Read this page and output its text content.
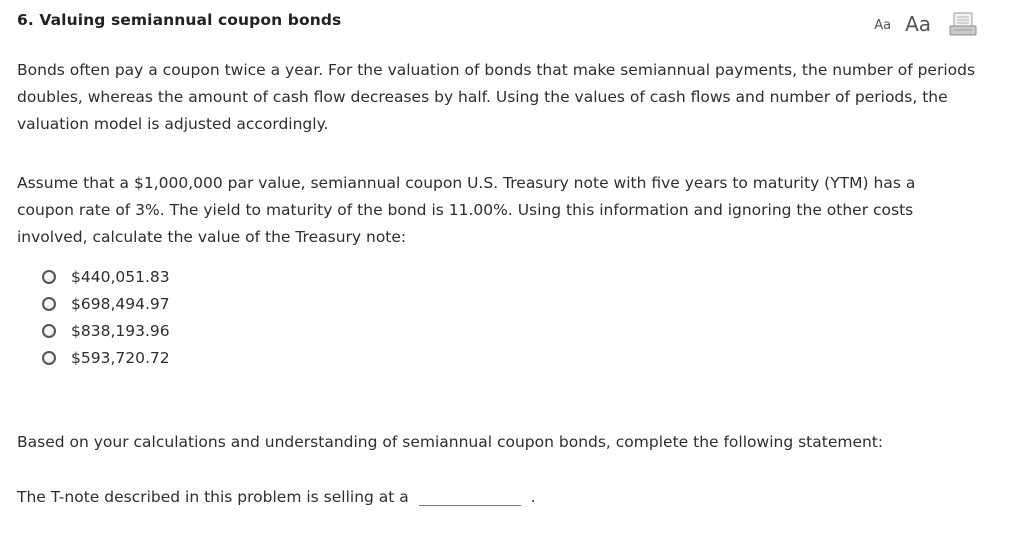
6. Valuing semiannual coupon bonds	Aa Aa

Bonds often pay a coupon twice a year. For the valuation of bonds that make semiannual payments, the number of periods doubles, whereas the amount of cash flow decreases by half. Using the values of cash flows and number of periods, the valuation model is adjusted accordingly.

Assume that a $1,000,000 par value, semiannual coupon U.S. Treasury note with five years to maturity (YTM) has a coupon rate of 3%. The yield to maturity of the bond is 11.00%. Using this information and ignoring the other costs involved, calculate the value of the Treasury note:

$440,051.83
$698,494.97
$838,193.96
$593,720.72

Based on your calculations and understanding of semiannual coupon bonds, complete the following statement:

The T-note described in this problem is selling at a	.
